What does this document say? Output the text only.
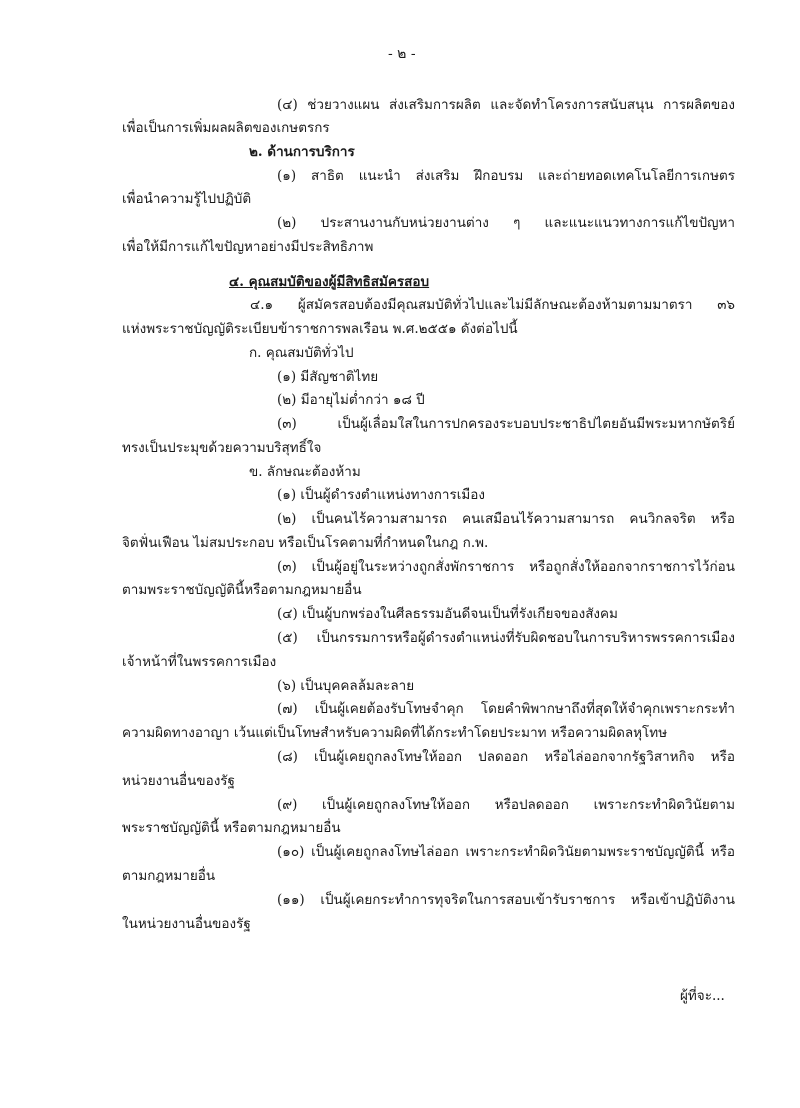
- ๒ -
(๔) ช่วยวางแผน ส่งเสริมการผลิต และจัดทำโครงการสนับสนุน การผลิตของ
เพื่อเป็นการเพิ่มผลผลิตของเกษตรกร
๒. ด้านการบริการ
(๑) สาธิต แนะนำ ส่งเสริม ฝึกอบรม และถ่ายทอดเทคโนโลยีการเกษตร
เพื่อนำความรู้ไปปฏิบัติ
(๒) ประสานงานกับหน่วยงานต่าง ๆ และแนะแนวทางการแก้ไขปัญหา
เพื่อให้มีการแก้ไขปัญหาอย่างมีประสิทธิภาพ
๔. คุณสมบัติของผู้มีสิทธิสมัครสอบ
๔.๑ ผู้สมัครสอบต้องมีคุณสมบัติทั่วไปและไม่มีลักษณะต้องห้ามตามมาตรา ๓๖
แห่งพระราชบัญญัติระเบียบข้าราชการพลเรือน พ.ศ.๒๕๕๑ ดังต่อไปนี้
ก. คุณสมบัติทั่วไป
(๑) มีสัญชาติไทย
(๒) มีอายุไม่ต่ำกว่า ๑๘ ปี
(๓) เป็นผู้เลื่อมใสในการปกครองระบอบประชาธิปไตยอันมีพระมหากษัตริย์
ทรงเป็นประมุขด้วยความบริสุทธิ์ใจ
ข. ลักษณะต้องห้าม
(๑) เป็นผู้ดำรงตำแหน่งทางการเมือง
(๒) เป็นคนไร้ความสามารถ คนเสมือนไร้ความสามารถ คนวิกลจริต หรือ
จิตฟั่นเฟือน ไม่สมประกอบ หรือเป็นโรคตามที่กำหนดในกฎ ก.พ.
(๓) เป็นผู้อยู่ในระหว่างถูกสั่งพักราชการ หรือถูกสั่งให้ออกจากราชการไว้ก่อน
ตามพระราชบัญญัตินี้หรือตามกฎหมายอื่น
(๔) เป็นผู้บกพร่องในศีลธรรมอันดีจนเป็นที่รังเกียจของสังคม
(๕) เป็นกรรมการหรือผู้ดำรงตำแหน่งที่รับผิดชอบในการบริหารพรรคการเมือง
เจ้าหน้าที่ในพรรคการเมือง
(๖) เป็นบุคคลล้มละลาย
(๗) เป็นผู้เคยต้องรับโทษจำคุก โดยคำพิพากษาถึงที่สุดให้จำคุกเพราะกระทำ
ความผิดทางอาญา เว้นแต่เป็นโทษสำหรับความผิดที่ได้กระทำโดยประมาท หรือความผิดลหุโทษ
(๘) เป็นผู้เคยถูกลงโทษให้ออก ปลดออก หรือไล่ออกจากรัฐวิสาหกิจ หรือ
หน่วยงานอื่นของรัฐ
(๙) เป็นผู้เคยถูกลงโทษให้ออก หรือปลดออก เพราะกระทำผิดวินัยตาม
พระราชบัญญัตินี้ หรือตามกฎหมายอื่น
(๑๐) เป็นผู้เคยถูกลงโทษไล่ออก เพราะกระทำผิดวินัยตามพระราชบัญญัตินี้ หรือ
ตามกฎหมายอื่น
(๑๑) เป็นผู้เคยกระทำการทุจริตในการสอบเข้ารับราชการ หรือเข้าปฏิบัติงาน
ในหน่วยงานอื่นของรัฐ
ผู้ที่จะ...
